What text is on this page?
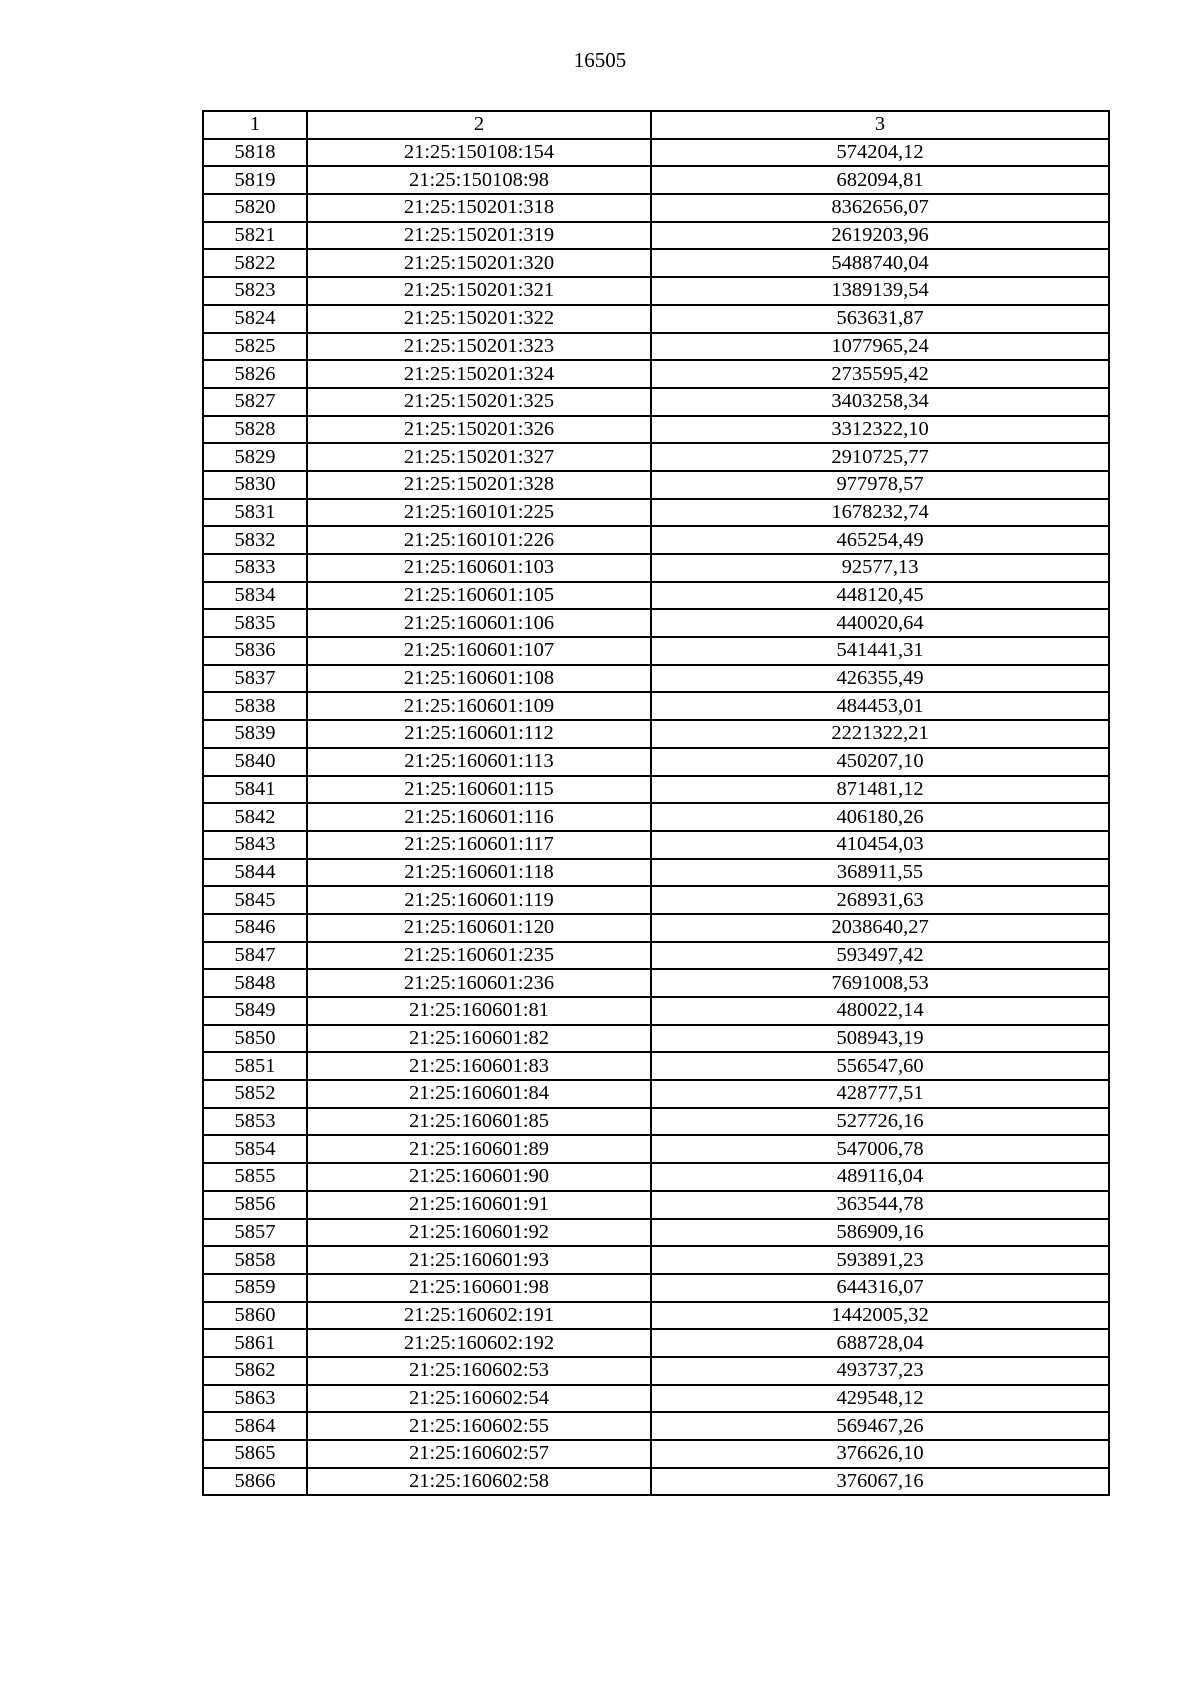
16505
1	2	3
5818	21:25:150108:154	574204,12
5819	21:25:150108:98	682094,81
5820	21:25:150201:318	8362656,07
5821	21:25:150201:319	2619203,96
5822	21:25:150201:320	5488740,04
5823	21:25:150201:321	1389139,54
5824	21:25:150201:322	563631,87
5825	21:25:150201:323	1077965,24
5826	21:25:150201:324	2735595,42
5827	21:25:150201:325	3403258,34
5828	21:25:150201:326	3312322,10
5829	21:25:150201:327	2910725,77
5830	21:25:150201:328	977978,57
5831	21:25:160101:225	1678232,74
5832	21:25:160101:226	465254,49
5833	21:25:160601:103	92577,13
5834	21:25:160601:105	448120,45
5835	21:25:160601:106	440020,64
5836	21:25:160601:107	541441,31
5837	21:25:160601:108	426355,49
5838	21:25:160601:109	484453,01
5839	21:25:160601:112	2221322,21
5840	21:25:160601:113	450207,10
5841	21:25:160601:115	871481,12
5842	21:25:160601:116	406180,26
5843	21:25:160601:117	410454,03
5844	21:25:160601:118	368911,55
5845	21:25:160601:119	268931,63
5846	21:25:160601:120	2038640,27
5847	21:25:160601:235	593497,42
5848	21:25:160601:236	7691008,53
5849	21:25:160601:81	480022,14
5850	21:25:160601:82	508943,19
5851	21:25:160601:83	556547,60
5852	21:25:160601:84	428777,51
5853	21:25:160601:85	527726,16
5854	21:25:160601:89	547006,78
5855	21:25:160601:90	489116,04
5856	21:25:160601:91	363544,78
5857	21:25:160601:92	586909,16
5858	21:25:160601:93	593891,23
5859	21:25:160601:98	644316,07
5860	21:25:160602:191	1442005,32
5861	21:25:160602:192	688728,04
5862	21:25:160602:53	493737,23
5863	21:25:160602:54	429548,12
5864	21:25:160602:55	569467,26
5865	21:25:160602:57	376626,10
5866	21:25:160602:58	376067,16
